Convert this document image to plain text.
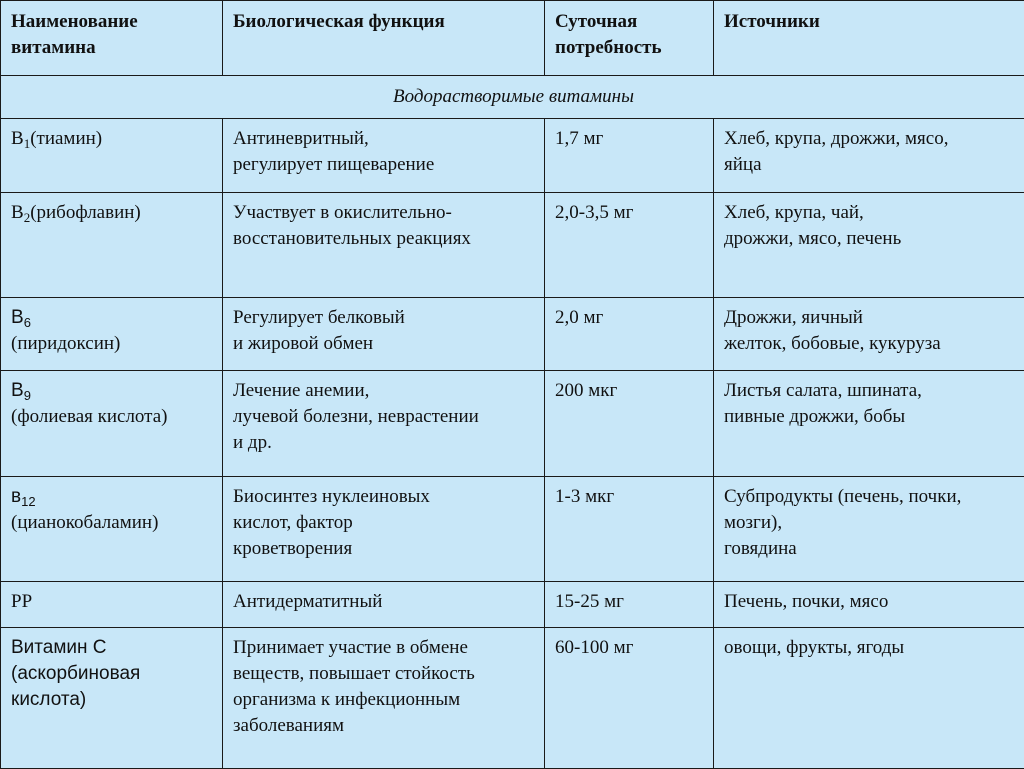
Наименование
витамина	Биологическая функция	Суточная
потребность	Источники

Водорастворимые витамины			
$B_1(тиамин)$	Антиневритный,
регулирует пищеварение	1,7 мг	Хлеб, крупа, дрожжи, мясо,
яйца

$B_2(рибофлавин)$	Участвует в окислительно-
восстановительных реакциях	2,0-3,5 мг	Хлеб, крупа, чай,
дрожжи, мясо, печень

$В_6$
(пиридоксин)	Регулирует белковый
и жировой обмен	2,0 мг	Дрожжи, яичный
желток, бобовые, кукуруза

$В_9$
(фолиевая кислота)	Лечение анемии,
лучевой болезни, неврастении
и др.	200 мкг	Листья салата, шпината,
пивные дрожжи, бобы

$в_{12}$
(цианокобаламин)	Биосинтез нуклеиновых
кислот, фактор
кроветворения	1-3 мкг	Субпродукты (печень, почки,
мозги),
говядина

PP	Антидерматитный	15-25 мг	Печень, почки, мясо

Витамин С
(аскорбиновая
кислота)	Принимает участие в обмене
веществ, повышает стойкость
организма к инфекционным
заболеваниям	60-100 мг	овощи, фрукты, ягоды
